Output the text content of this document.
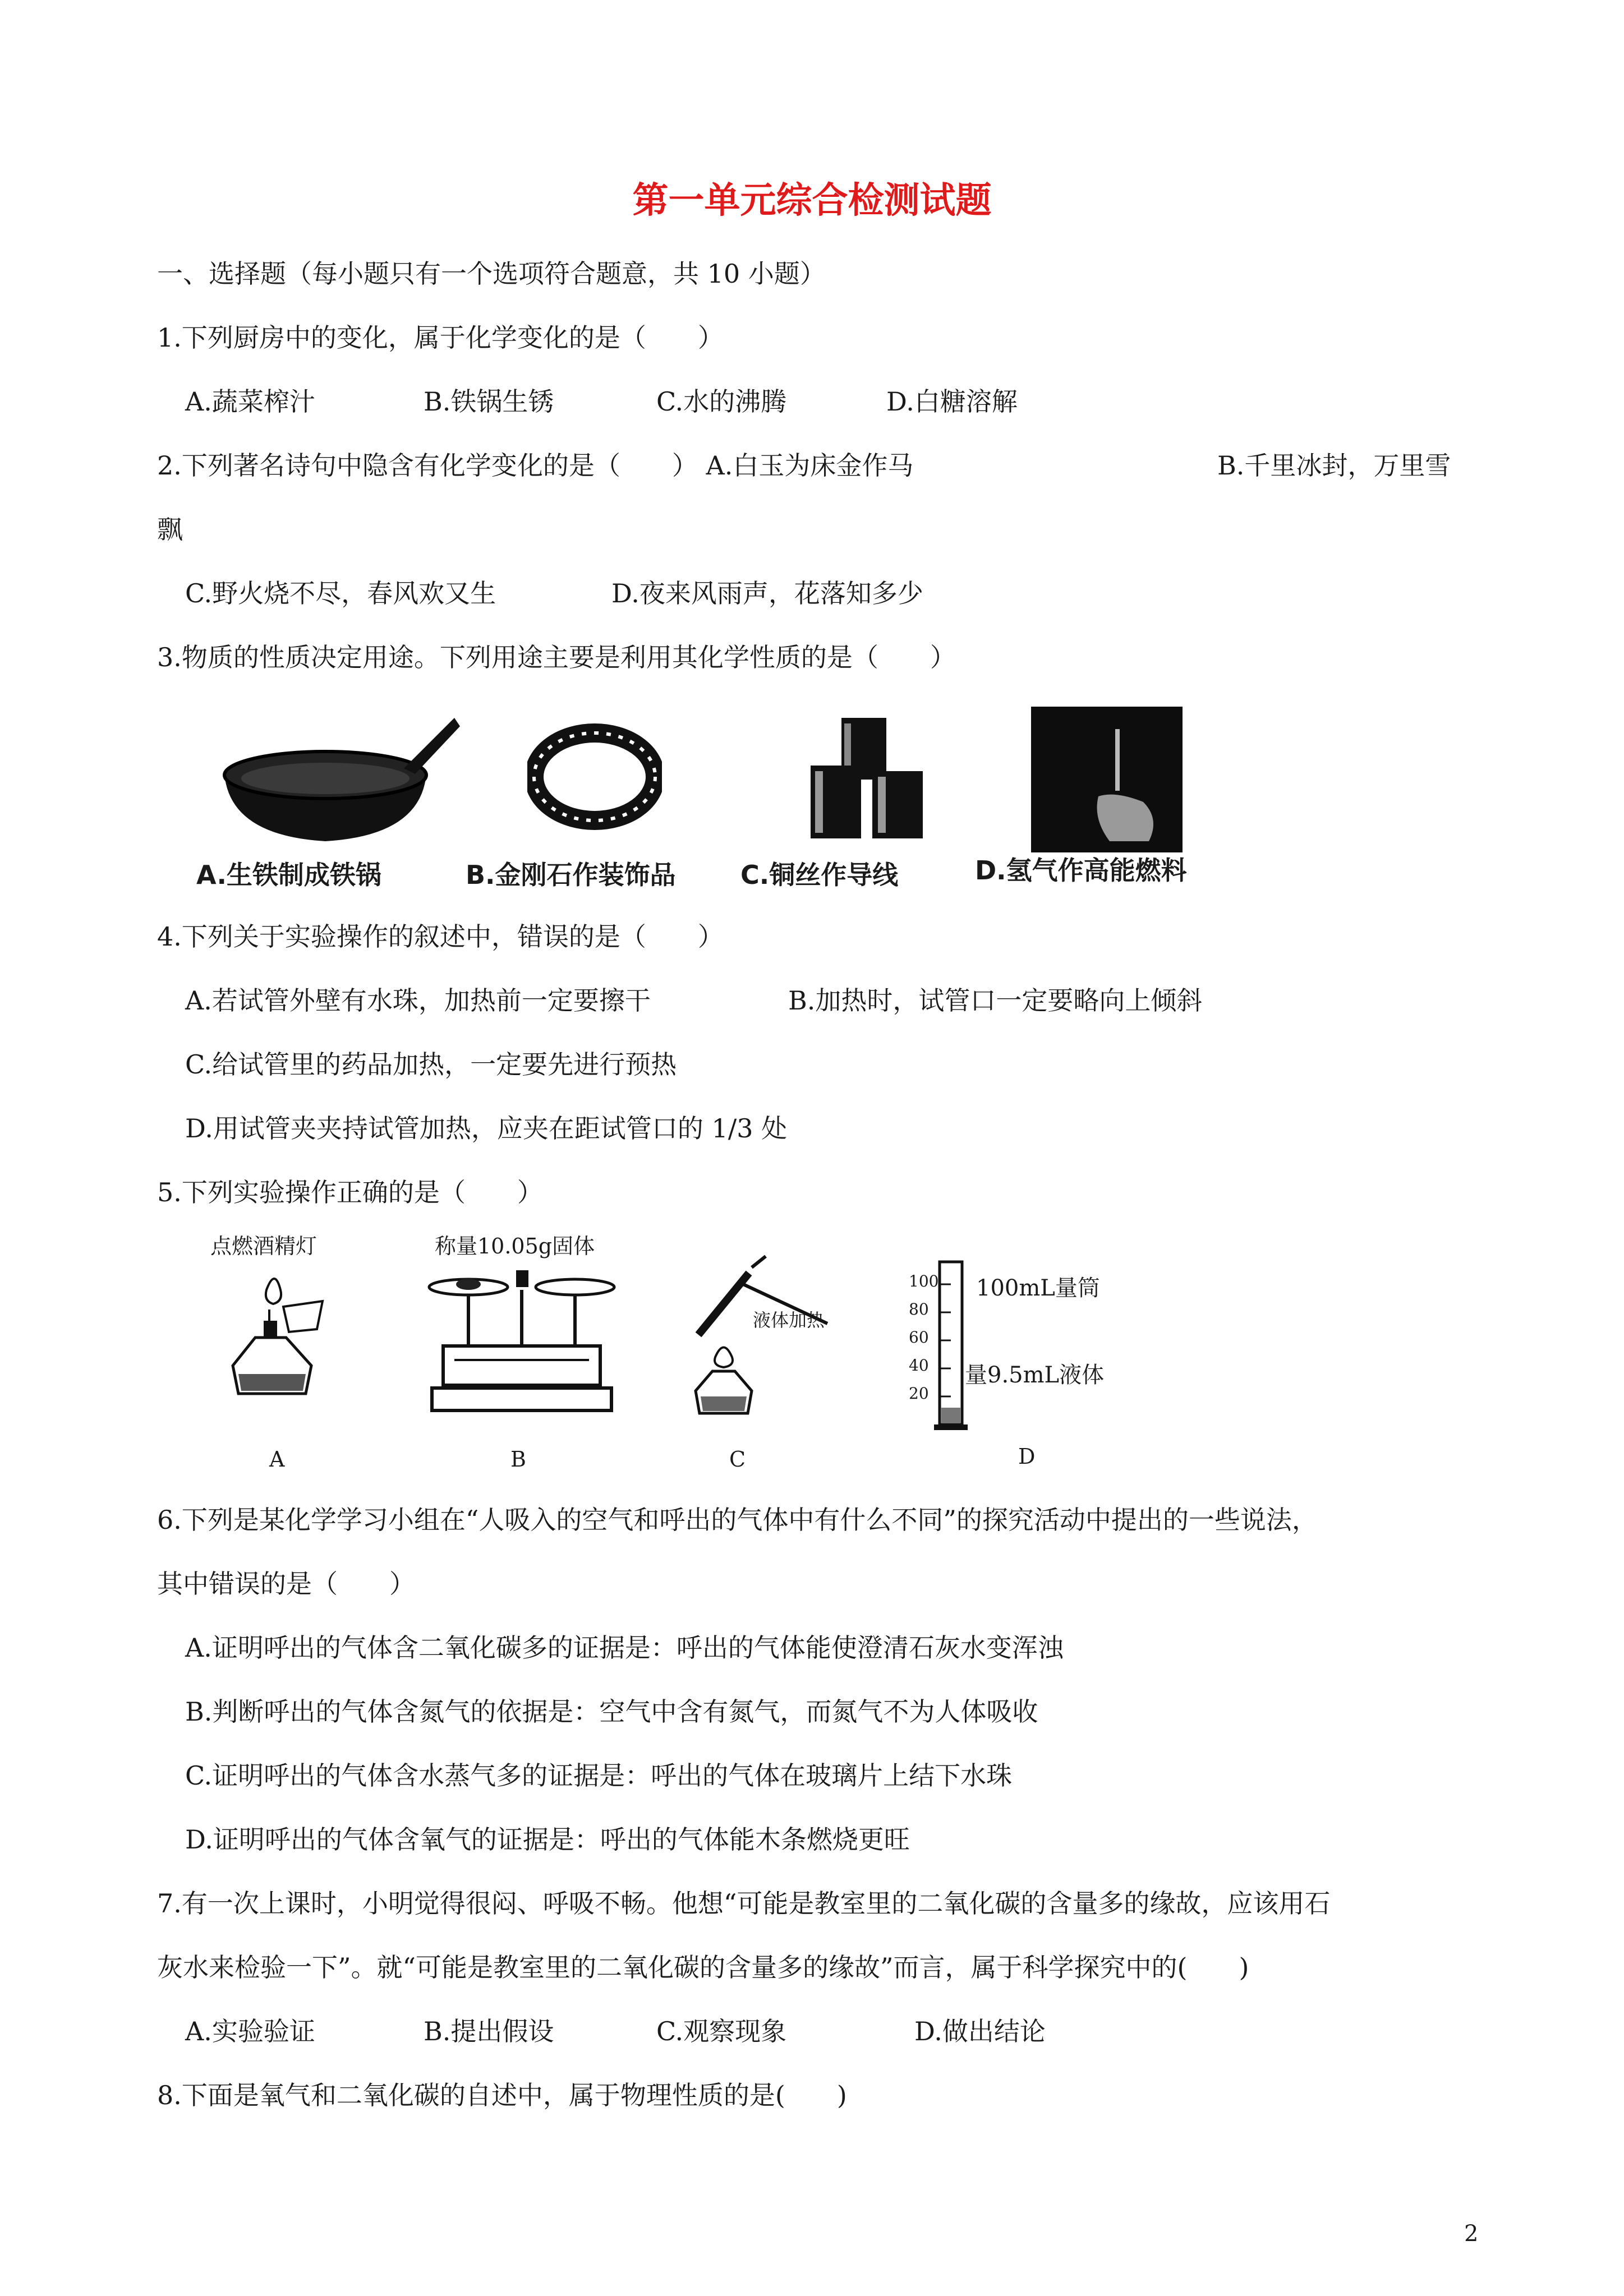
第一单元综合检测试题
一、选择题（每小题只有一个选项符合题意，共 10 小题）
1.下列厨房中的变化，属于化学变化的是（　　）
A.蔬菜榨汁	B.铁锅生锈	C.水的沸腾	D.白糖溶解
2.下列著名诗句中隐含有化学变化的是（　　） A.白玉为床金作马	B.千里冰封，万里雪
飘
C.野火烧不尽，春风欢又生	D.夜来风雨声，花落知多少
3.物质的性质决定用途。下列用途主要是利用其化学性质的是（　　）
A.生铁制成铁锅	B.金刚石作装饰品	C.铜丝作导线	D.氢气作高能燃料
4.下列关于实验操作的叙述中，错误的是（　　）
A.若试管外壁有水珠，加热前一定要擦干	B.加热时，试管口一定要略向上倾斜
C.给试管里的药品加热，一定要先进行预热
D.用试管夹夹持试管加热，应夹在距试管口的 1/3 处
5.下列实验操作正确的是（　　）
点燃酒精灯
A
称量10.05g固体
B
液体加热
C
100
80
60
40
20
100mL量筒
量9.5mL液体
D
6.下列是某化学学习小组在“人吸入的空气和呼出的气体中有什么不同”的探究活动中提出的一些说法，
其中错误的是（　　）
A.证明呼出的气体含二氧化碳多的证据是：呼出的气体能使澄清石灰水变浑浊
B.判断呼出的气体含氮气的依据是：空气中含有氮气，而氮气不为人体吸收
C.证明呼出的气体含水蒸气多的证据是：呼出的气体在玻璃片上结下水珠
D.证明呼出的气体含氧气的证据是：呼出的气体能木条燃烧更旺
7.有一次上课时，小明觉得很闷、呼吸不畅。他想“可能是教室里的二氧化碳的含量多的缘故，应该用石
灰水来检验一下”。就“可能是教室里的二氧化碳的含量多的缘故”而言，属于科学探究中的(　　)
A.实验验证	B.提出假设	C.观察现象	D.做出结论
8.下面是氧气和二氧化碳的自述中，属于物理性质的是(　　)
2
